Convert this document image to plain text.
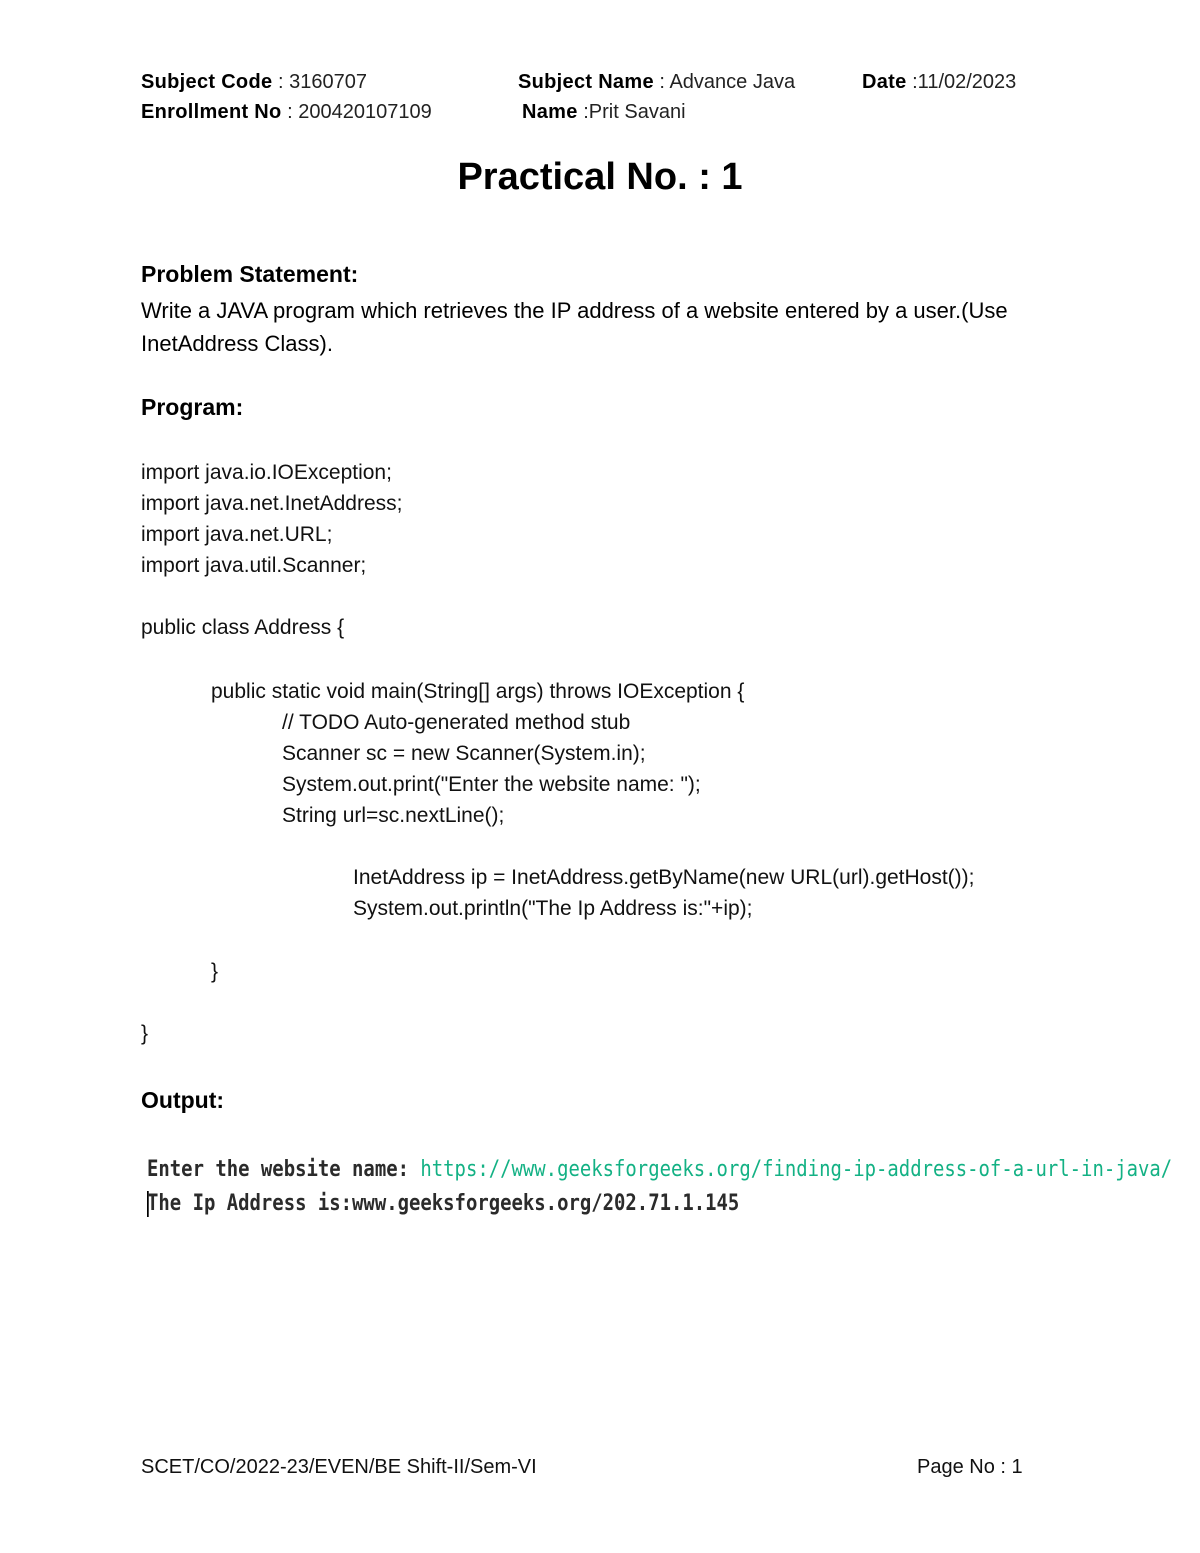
Subject Code : 3160707	Subject Name : Advance Java	Date :11/02/2023
Enrollment No : 200420107109	Name :Prit Savani
Practical No. : 1
Problem Statement:
Write a JAVA program which retrieves the IP address of a website entered by a user.(Use InetAddress Class).
Program:
import java.io.IOException;
import java.net.InetAddress;
import java.net.URL;
import java.util.Scanner;
public class Address {
public static void main(String[] args) throws IOException {
// TODO Auto-generated method stub
Scanner sc = new Scanner(System.in);
System.out.print("Enter the website name: ");
String url=sc.nextLine();
InetAddress ip = InetAddress.getByName(new URL(url).getHost());
System.out.println("The Ip Address is:"+ip);
}
}
Output:
Enter the website name: https://www.geeksforgeeks.org/finding-ip-address-of-a-url-in-java/
The Ip Address is:www.geeksforgeeks.org/202.71.1.145
SCET/CO/2022-23/EVEN/BE Shift-II/Sem-VI	Page No : 1
